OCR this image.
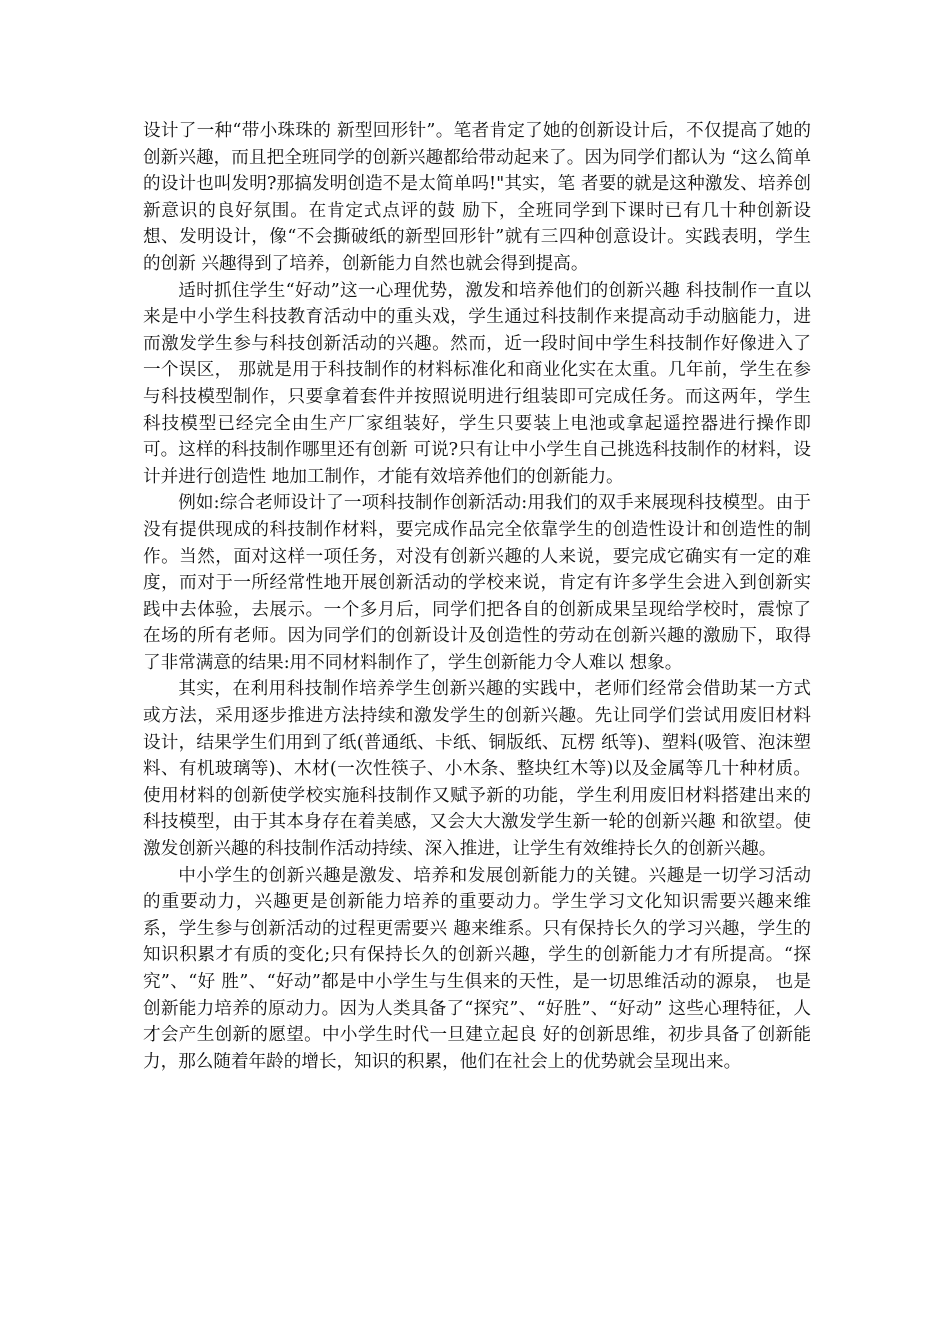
设计了一种“带小珠珠的 新型回形针”。笔者肯定了她的创新设计后，不仅提高了她的创新兴趣，而且把全班同学的创新兴趣都给带动起来了。因为同学们都认为 “这么简单的设计也叫发明?那搞发明创造不是太简单吗!"其实，笔 者要的就是这种激发、培养创新意识的良好氛围。在肯定式点评的鼓 励下，全班同学到下课时已有几十种创新设想、发明设计，像“不会撕破纸的新型回形针”就有三四种创意设计。实践表明，学生的创新 兴趣得到了培养，创新能力自然也就会得到提高。

适时抓住学生“好动”这一心理优势，激发和培养他们的创新兴趣 科技制作一直以来是中小学生科技教育活动中的重头戏，学生通过科技制作来提高动手动脑能力，进而激发学生参与科技创新活动的兴趣。然而，近一段时间中学生科技制作好像进入了一个误区， 那就是用于科技制作的材料标准化和商业化实在太重。几年前，学生在参与科技模型制作，只要拿着套件并按照说明进行组装即可完成任务。而这两年，学生科技模型已经完全由生产厂家组装好，学生只要装上电池或拿起遥控器进行操作即可。这样的科技制作哪里还有创新 可说?只有让中小学生自己挑选科技制作的材料，设计并进行创造性 地加工制作，才能有效培养他们的创新能力。

例如:综合老师设计了一项科技制作创新活动:用我们的双手来展现科技模型。由于没有提供现成的科技制作材料，要完成作品完全依靠学生的创造性设计和创造性的制作。当然，面对这样一项任务，对没有创新兴趣的人来说，要完成它确实有一定的难度，而对于一所经常性地开展创新活动的学校来说，肯定有许多学生会进入到创新实践中去体验，去展示。一个多月后，同学们把各自的创新成果呈现给学校时，震惊了在场的所有老师。因为同学们的创新设计及创造性的劳动在创新兴趣的激励下，取得了非常满意的结果:用不同材料制作了，学生创新能力令人难以 想象。

其实，在利用科技制作培养学生创新兴趣的实践中，老师们经常会借助某一方式或方法，采用逐步推进方法持续和激发学生的创新兴趣。先让同学们尝试用废旧材料设计，结果学生们用到了纸(普通纸、卡纸、铜版纸、瓦楞 纸等)、塑料(吸管、泡沫塑料、有机玻璃等)、木材(一次性筷子、小木条、整块红木等)以及金属等几十种材质。使用材料的创新使学校实施科技制作又赋予新的功能，学生利用废旧材料搭建出来的科技模型，由于其本身存在着美感，又会大大激发学生新一轮的创新兴趣 和欲望。使激发创新兴趣的科技制作活动持续、深入推进，让学生有效维持长久的创新兴趣。

中小学生的创新兴趣是激发、培养和发展创新能力的关键。兴趣是一切学习活动的重要动力，兴趣更是创新能力培养的重要动力。学生学习文化知识需要兴趣来维系，学生参与创新活动的过程更需要兴 趣来维系。只有保持长久的学习兴趣，学生的知识积累才有质的变化;只有保持长久的创新兴趣，学生的创新能力才有所提高。“探究”、“好 胜”、“好动”都是中小学生与生俱来的天性，是一切思维活动的源泉， 也是创新能力培养的原动力。因为人类具备了“探究”、“好胜”、“好动” 这些心理特征，人才会产生创新的愿望。中小学生时代一旦建立起良 好的创新思维，初步具备了创新能力，那么随着年龄的增长，知识的积累，他们在社会上的优势就会呈现出来。
